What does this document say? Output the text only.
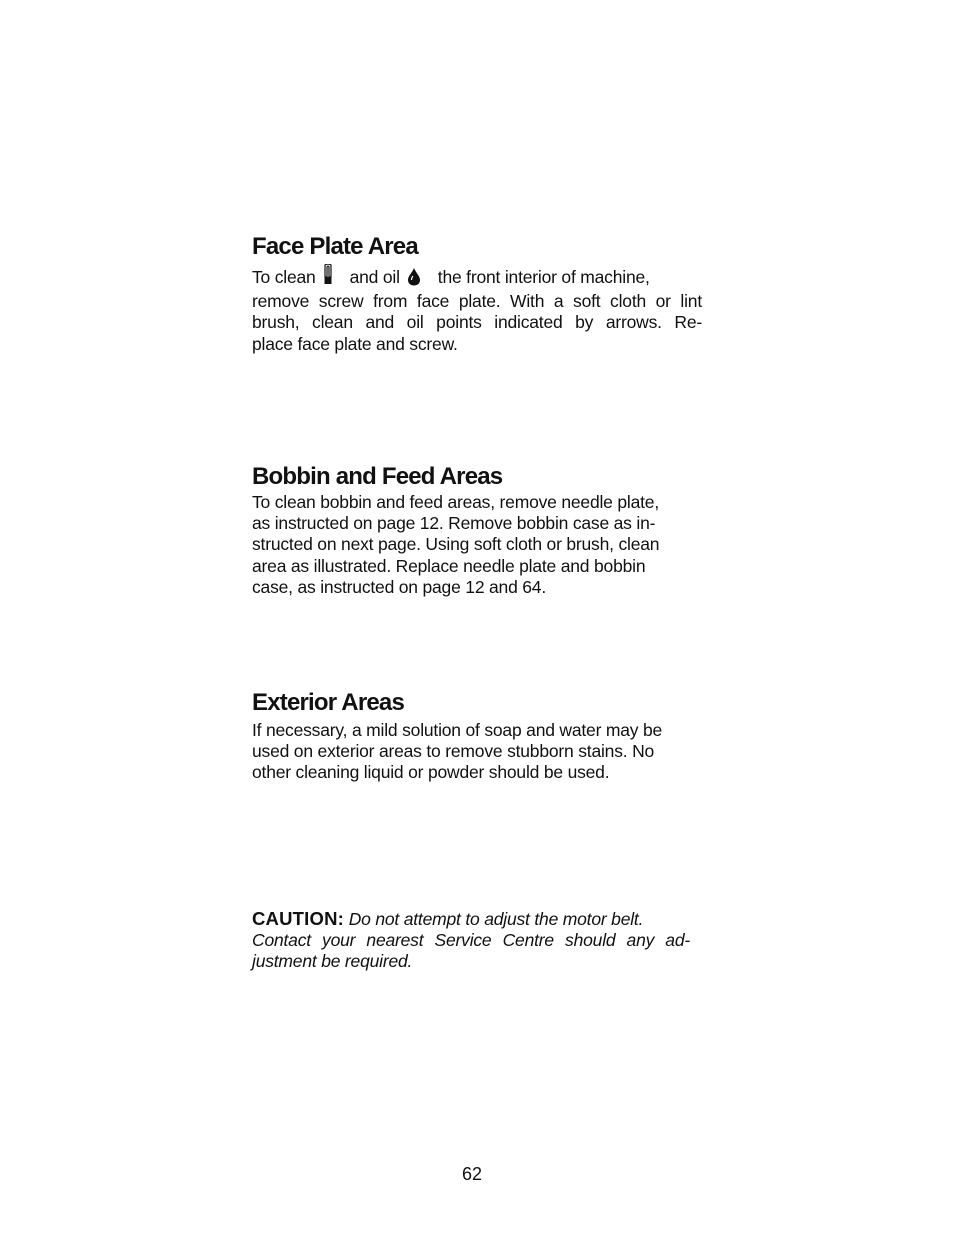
Face Plate Area
To clean and oil the front interior of machine,
remove screw from face plate. With a soft cloth or lint
brush, clean and oil points indicated by arrows. Re-
place face plate and screw.
Bobbin and Feed Areas
To clean bobbin and feed areas, remove needle plate,
as instructed on page 12. Remove bobbin case as in-
structed on next page. Using soft cloth or brush, clean
area as illustrated. Replace needle plate and bobbin
case, as instructed on page 12 and 64.
Exterior Areas
If necessary, a mild solution of soap and water may be
used on exterior areas to remove stubborn stains. No
other cleaning liquid or powder should be used.
CAUTION: Do not attempt to adjust the motor belt.
Contact your nearest Service Centre should any ad-
justment be required.
62
